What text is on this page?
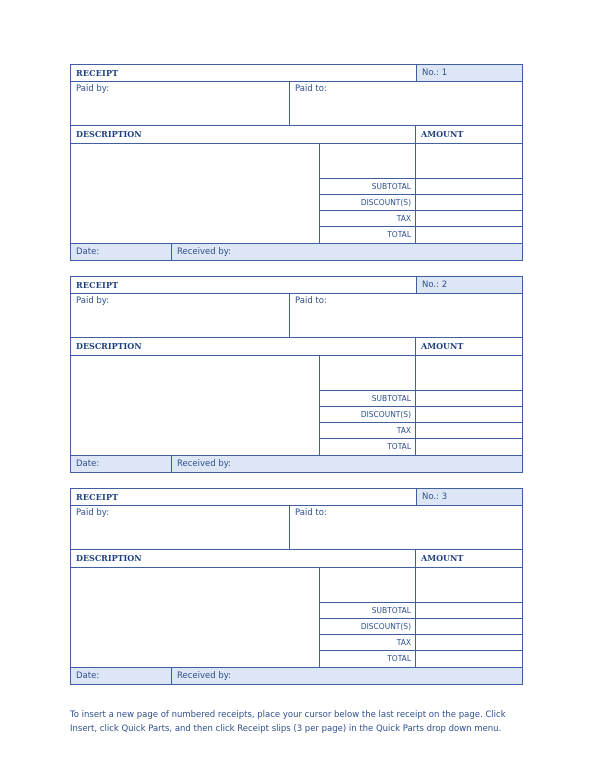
RECEIPT	No.: 1
Paid by:	Paid to:
DESCRIPTION	AMOUNT
SUBTOTAL
DISCOUNT(S)
TAX
TOTAL
Date:	Received by:
RECEIPT	No.: 2
Paid by:	Paid to:
DESCRIPTION	AMOUNT
SUBTOTAL
DISCOUNT(S)
TAX
TOTAL
Date:	Received by:
RECEIPT	No.: 3
Paid by:	Paid to:
DESCRIPTION	AMOUNT
SUBTOTAL
DISCOUNT(S)
TAX
TOTAL
Date:	Received by:
To insert a new page of numbered receipts, place your cursor below the last receipt on the page. Click Insert, click Quick Parts, and then click Receipt slips (3 per page) in the Quick Parts drop down menu.
